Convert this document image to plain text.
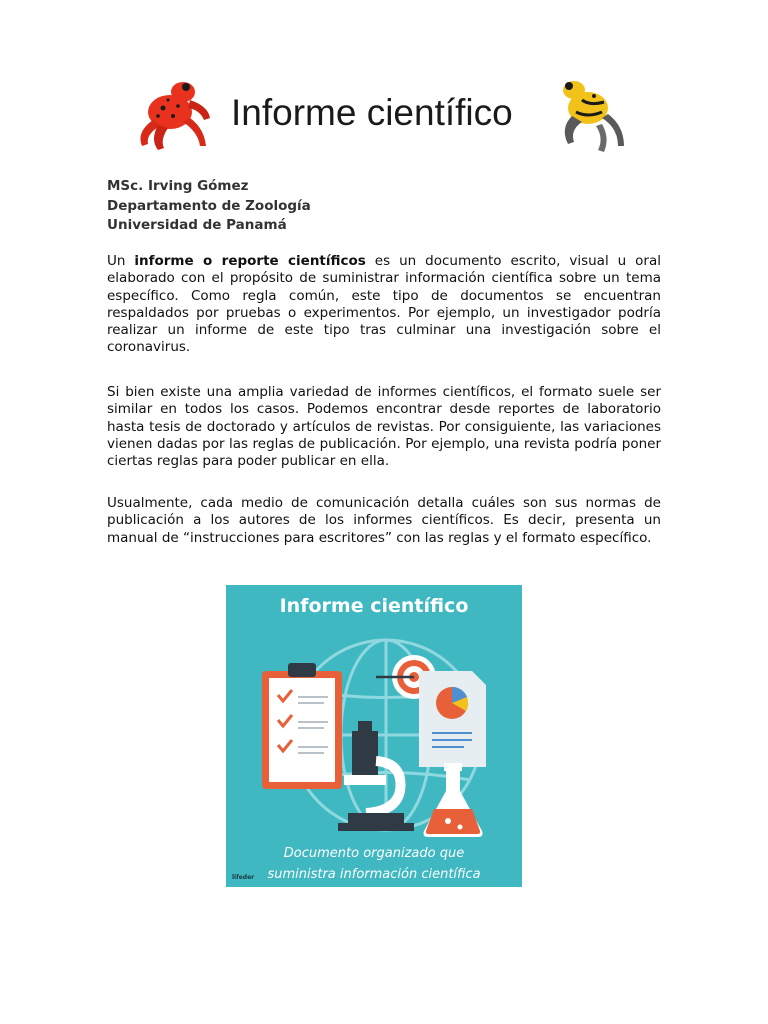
Informe científico
MSc. Irving Gómez
Departamento de Zoología
Universidad de Panamá

Un informe o reporte científicos es un documento escrito, visual u oral elaborado con el propósito de suministrar información científica sobre un tema específico. Como regla común, este tipo de documentos se encuentran respaldados por pruebas o experimentos. Por ejemplo, un investigador podría realizar un informe de este tipo tras culminar una investigación sobre el coronavirus.

Si bien existe una amplia variedad de informes científicos, el formato suele ser similar en todos los casos. Podemos encontrar desde reportes de laboratorio hasta tesis de doctorado y artículos de revistas. Por consiguiente, las variaciones vienen dadas por las reglas de publicación. Por ejemplo, una revista podría poner ciertas reglas para poder publicar en ella.

Usualmente, cada medio de comunicación detalla cuáles son sus normas de publicación a los autores de los informes científicos. Es decir, presenta un manual de “instrucciones para escritores” con las reglas y el formato específico.

Informe científico
Documento organizado que
suministra información científica
lifeder
